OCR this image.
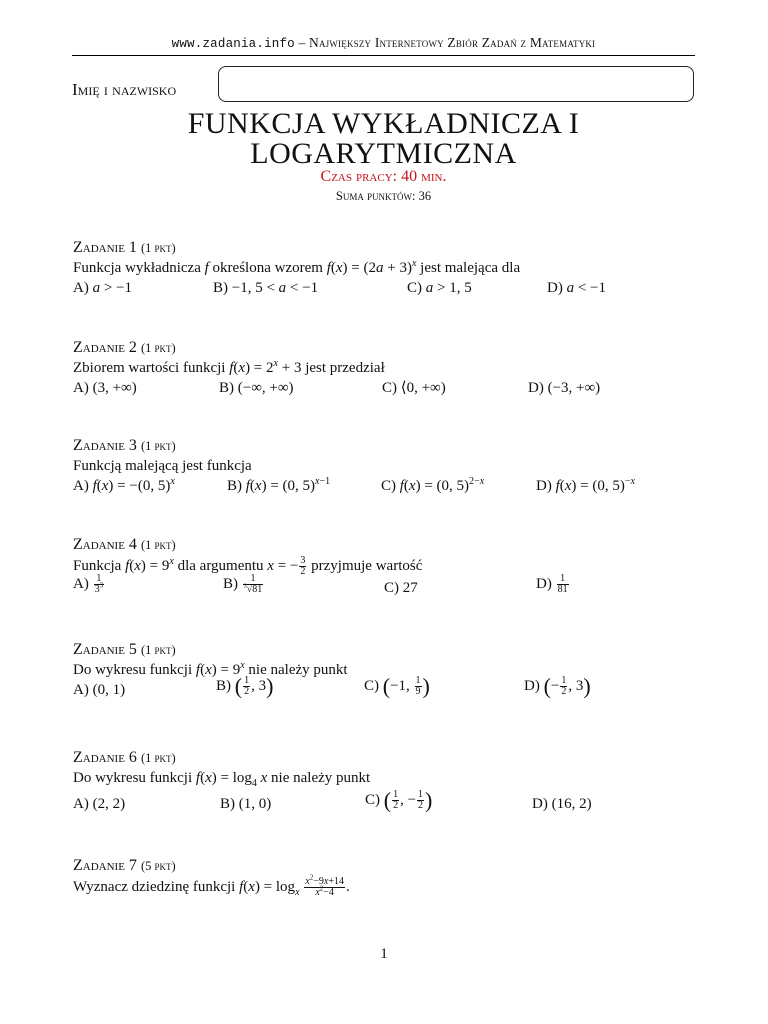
www.zadania.info – Największy Internetowy Zbiór Zadań z Matematyki
Imię i nazwisko
FUNKCJA WYKŁADNICZA I
LOGARYTMICZNA
Czas pracy: 40 min.
Suma punktów: 36
Zadanie 1 (1 pkt)
Funkcja wykładnicza f określona wzorem $f(x) = (2a + 3)^x$ jest malejąca dla
A) a > −1	B) −1, 5 < a < −1	C) a > 1, 5	D) a < −1
Zadanie 2 (1 pkt)
Zbiorem wartości funkcji $f(x) = 2^x + 3$ jest przedział
A) (3, +∞)	B) (−∞, +∞)	C) ⟨0, +∞)	D) (−3, +∞)
Zadanie 3 (1 pkt)
Funkcją malejącą jest funkcja
A) f(x) = −(0, 5)$^x$	B) f(x) = (0, 5)$^{x-1}$	C) f(x) = (0, 5)$^{2-x}$	D) f(x) = (0, 5)$^{-x}$
Zadanie 4 (1 pkt)
Funkcja $f(x) = 9^x$ dla argumentu x = − $\frac{3}{2}$ przyjmuje wartość
$A) \frac{1}{3^3}$	$B) \frac{1}{^3√81}$	C) 27	$D) \frac{1}{81}$
Zadanie 5 (1 pkt)
Do wykresu funkcji $f(x) = 9^x$ nie należy punkt
A) (0, 1)	B) ( $\frac{1}{2}$ , 3)	C) (−1, $\frac{1}{9}$ )	D) (− $\frac{1}{2}$ , 3)
Zadanie 6 (1 pkt)
Do wykresu funkcji $f(x) = \log_4 x$ nie należy punkt
A) (2, 2)	B) (1, 0)	C) ( $\frac{1}{2}$ , − $\frac{1}{2}$ )	D) (16, 2)
Zadanie 7 (5 pkt)
Wyznacz dziedzinę funkcji $f(x) = \log_x \frac{x^2-9x+14}{x^2-4}$ .
1
